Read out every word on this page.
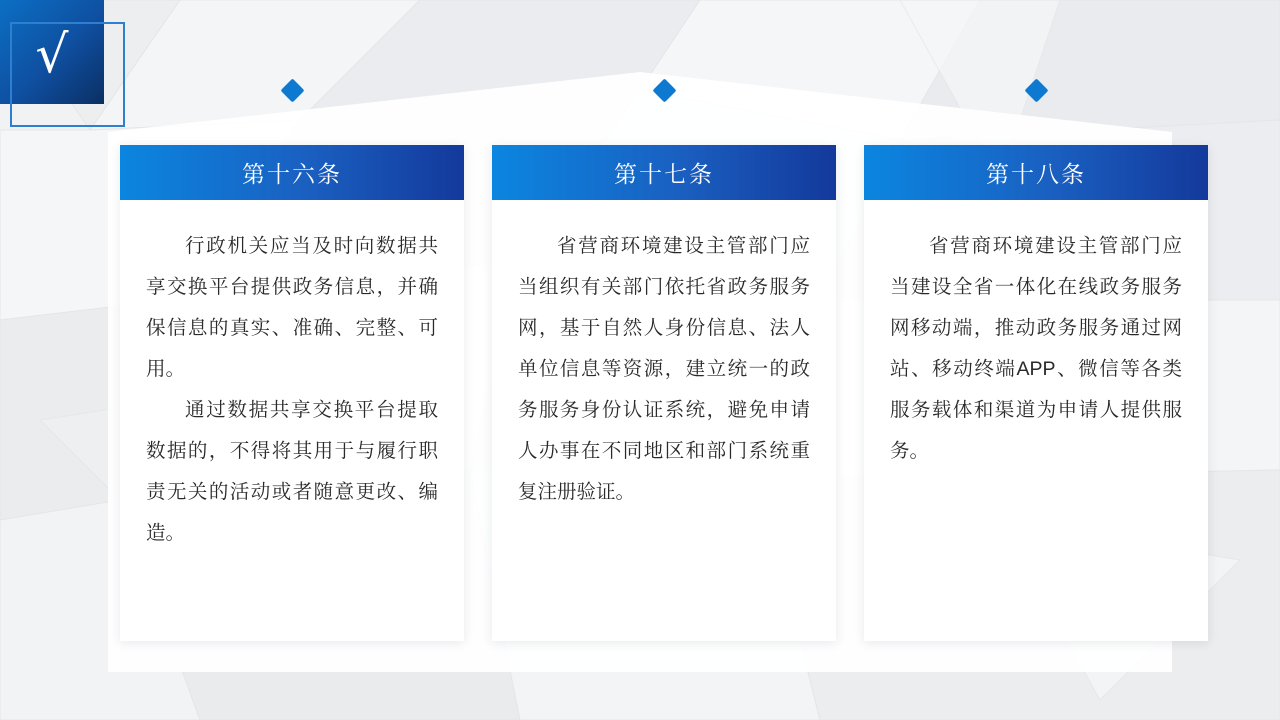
√
第十六条

行政机关应当及时向数据共享交换平台提供政务信息，并确保信息的真实、准确、完整、可用。

通过数据共享交换平台提取数据的，不得将其用于与履行职责无关的活动或者随意更改、编造。

第十七条

省营商环境建设主管部门应当组织有关部门依托省政务服务网，基于自然人身份信息、法人单位信息等资源，建立统一的政务服务身份认证系统，避免申请人办事在不同地区和部门系统重复注册验证。

第十八条

省营商环境建设主管部门应当建设全省一体化在线政务服务网移动端，推动政务服务通过网站、移动终端APP、微信等各类服务载体和渠道为申请人提供服务。
